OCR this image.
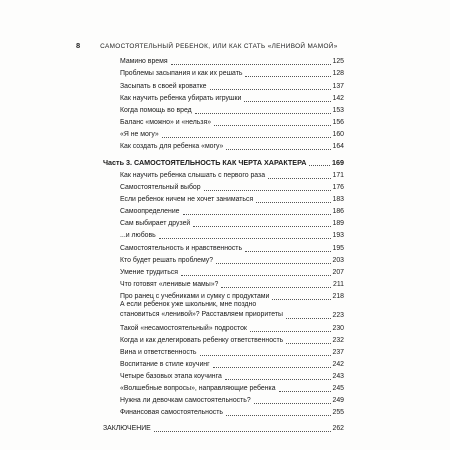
8	САМОСТОЯТЕЛЬНЫЙ РЕБЕНОК, ИЛИ КАК СТАТЬ «ЛЕНИВОЙ МАМОЙ»
Мамино время	125
Проблемы засыпания и как их решать	128
Засыпать в своей кроватке	137
Как научить ребенка убирать игрушки	142
Когда помощь во вред	153
Баланс «можно» и «нельзя»	156
«Я не могу»	160
Как создать для ребенка «могу»	164
Часть 3. САМОСТОЯТЕЛЬНОСТЬ КАК ЧЕРТА ХАРАКТЕРА	169
Как научить ребенка слышать с первого раза	171
Самостоятельный выбор	176
Если ребенок ничем не хочет заниматься	183
Самоопределение	186
Сам выбирает друзей	189
...и любовь	193
Самостоятельность и нравственность	195
Кто будет решать проблему?	203
Умение трудиться	207
Что готовят «ленивые мамы»?	211
Про ранец с учебниками и сумку с продуктами	218
А если ребенок уже школьник, мне поздно
становиться «ленивой»? Расставляем приоритеты	223
Такой «несамостоятельный» подросток	230
Когда и как делегировать ребенку ответственность	232
Вина и ответственность	237
Воспитание в стиле коучинг	242
Четыре базовых этапа коучинга	243
«Волшебные вопросы», направляющие ребенка	245
Нужна ли девочкам самостоятельность?	249
Финансовая самостоятельность	255
ЗАКЛЮЧЕНИЕ	262
